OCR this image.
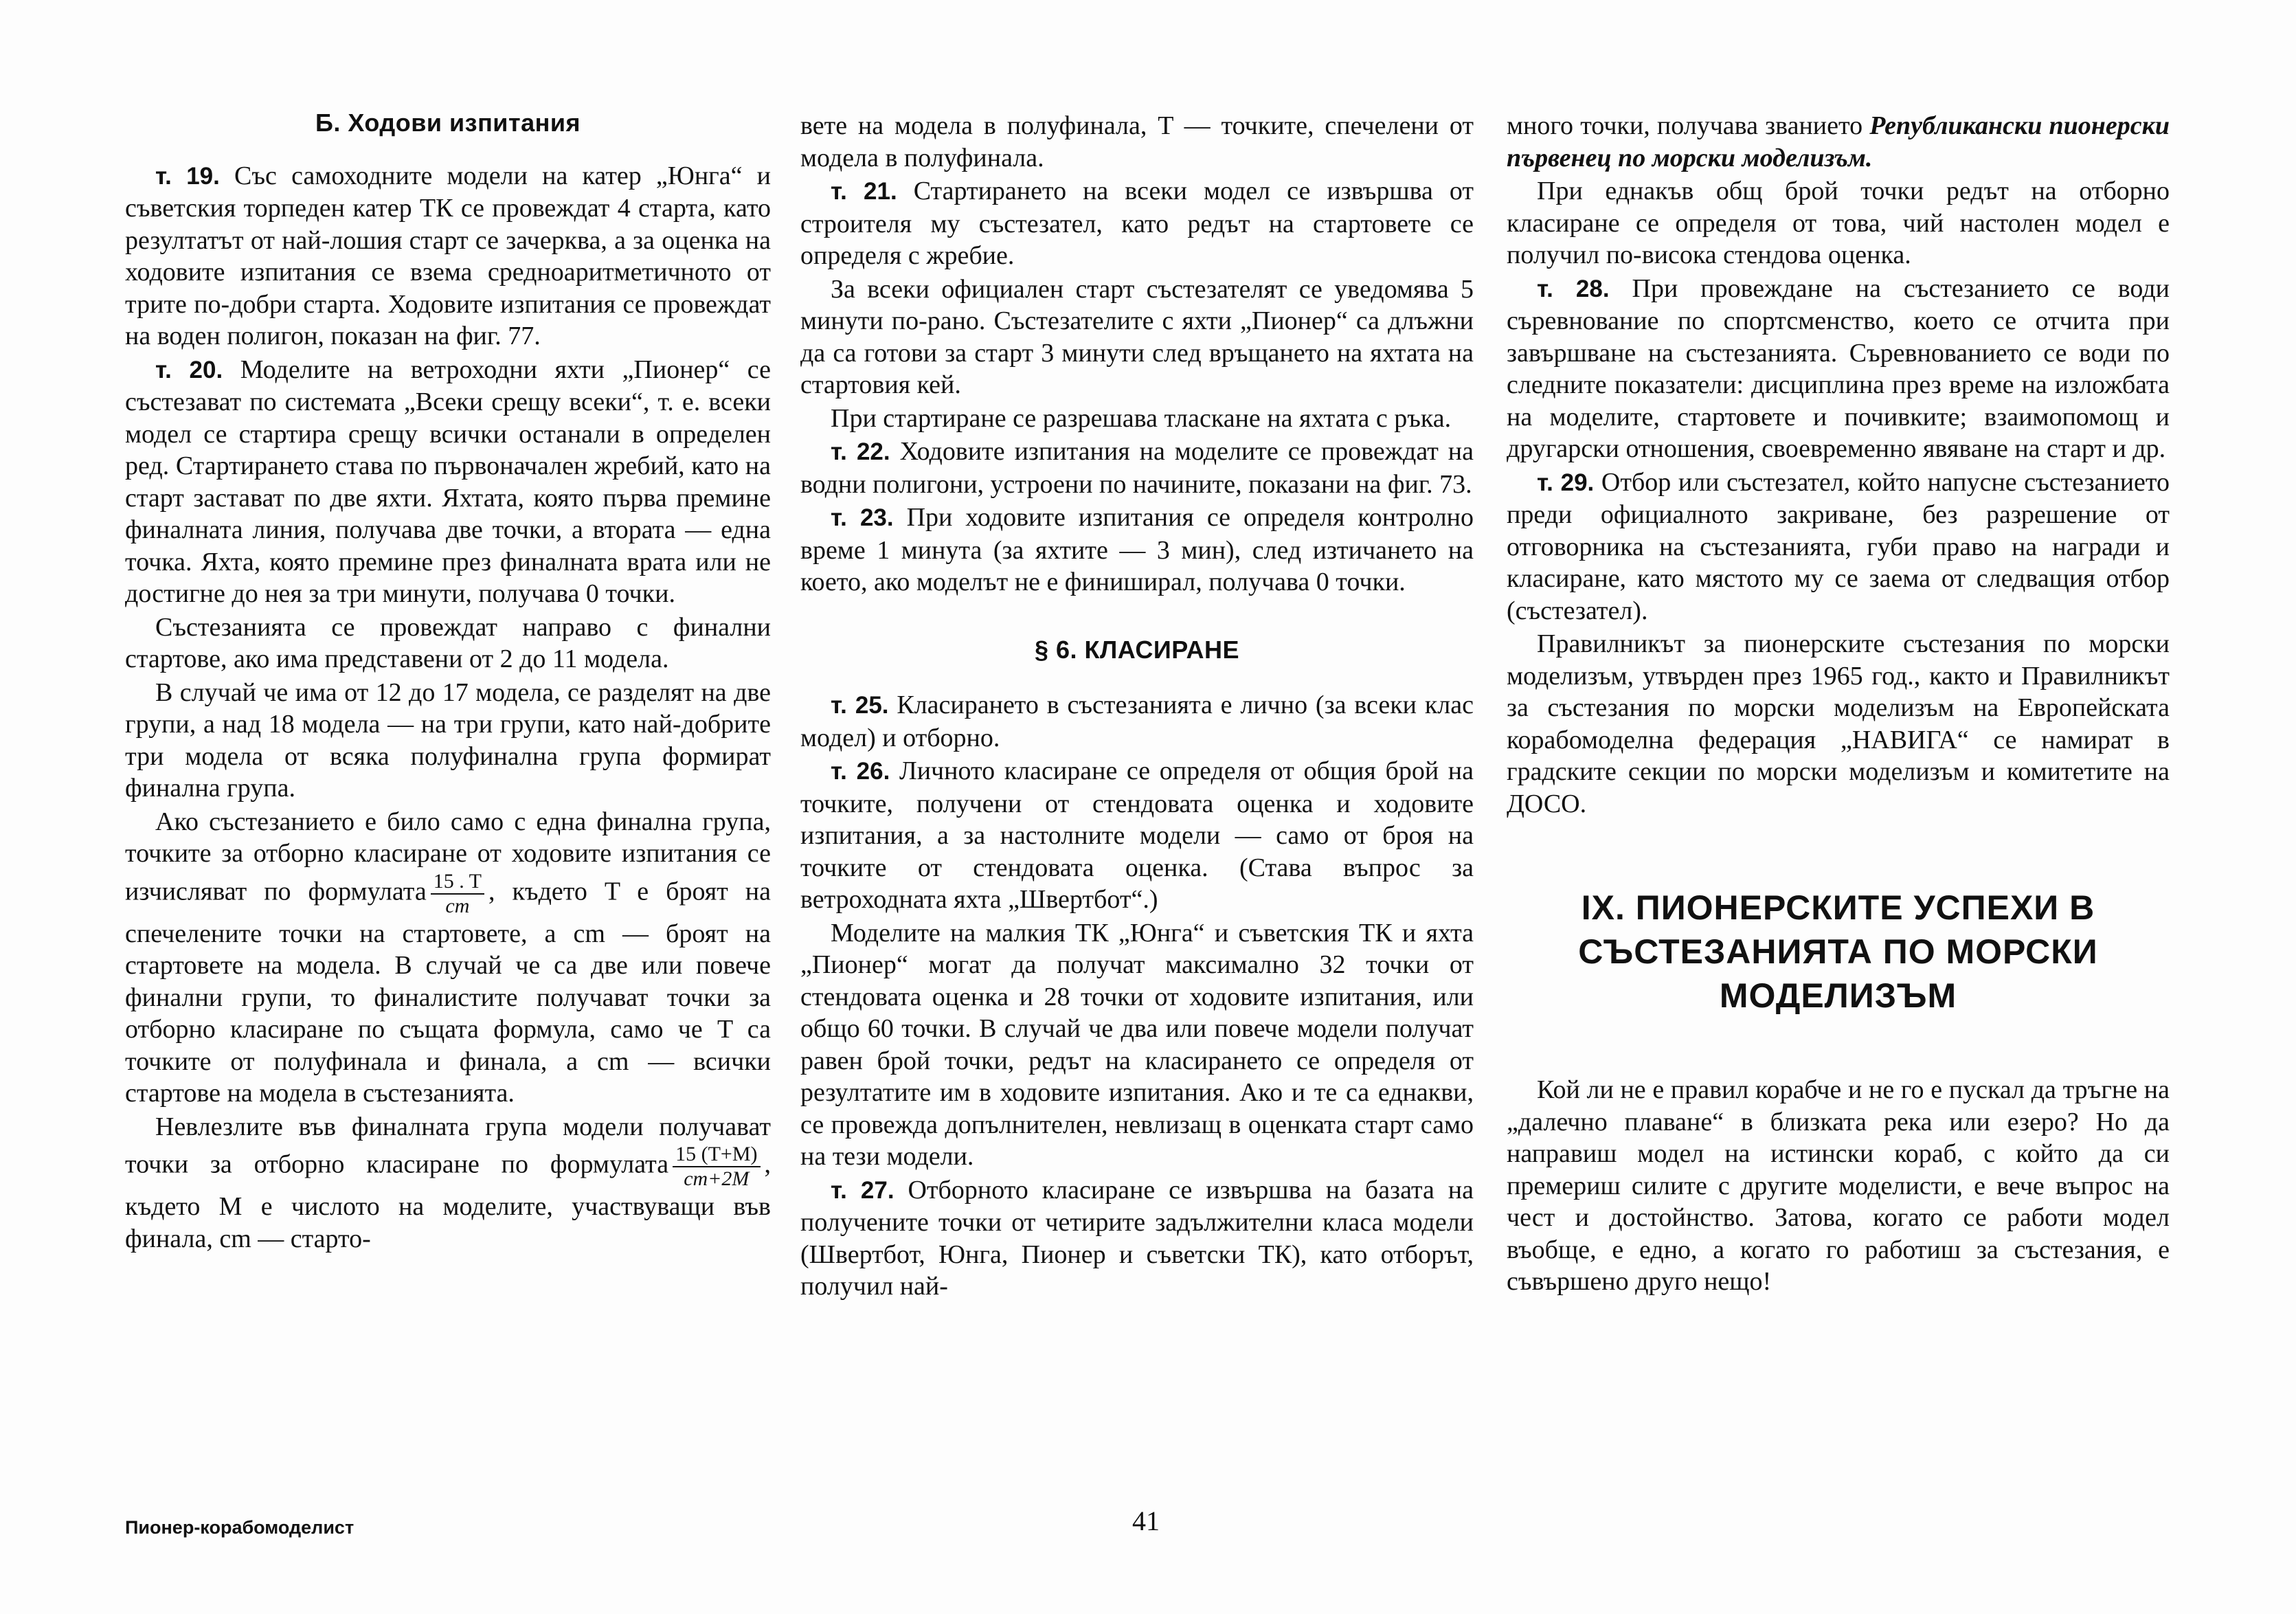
Б. Ходови изпитания

т. 19. Със самоходните модели на катер „Юнга“ и съветския торпеден катер ТК се провеждат 4 старта, като резултатът от най-лошия старт се зачерква, а за оценка на ходовите изпитания се взема средноаритметичното от трите по-добри старта. Ходовите изпитания се провеждат на воден полигон, показан на фиг. 77.

т. 20. Моделите на ветроходни яхти „Пионер“ се състезават по системата „Всеки срещу всеки“, т. е. всеки модел се стартира срещу всички останали в определен ред. Стартирането става по първоначален жребий, като на старт застават по две яхти. Яхтата, която първа премине финалната линия, получава две точки, а втората — една точка. Яхта, която премине през финалната врата или не достигне до нея за три минути, получава 0 точки.

Състезанията се провеждат направо с финални стартове, ако има представени от 2 до 11 модела.

В случай че има от 12 до 17 модела, се разделят на две групи, а над 18 модела — на три групи, като най-добрите три модела от всяка полуфинална група формират финална група.

Ако състезанието е било само с една финална група, точките за отборно класиране от ходовите изпитания се изчисляват по формулата $\frac{15 . T}{cm}$ , където T е броят на спечелените точки на стартовете, а cm — броят на стартовете на модела. В случай че са две или повече финални групи, то финалистите получават точки за отборно класиране по същата формула, само че T са точките от полуфинала и финала, а cm — всички стартове на модела в състезанията.

Невлезлите във финалната група модели получават точки за отборно класиране по формулата $\frac{15 (T+M)}{cm+2M}$ , където M е числото на моделите, участвуващи във финала, cm — старто-

вете на модела в полуфинала, T — точките, спечелени от модела в полуфинала.

т. 21. Стартирането на всеки модел се извършва от строителя му състезател, като редът на стартовете се определя с жребие.

За всеки официален старт състезателят се уведомява 5 минути по-рано. Състезателите с яхти „Пионер“ са длъжни да са готови за старт 3 минути след връщането на яхтата на стартовия кей.

При стартиране се разрешава тласкане на яхтата с ръка.

т. 22. Ходовите изпитания на моделите се провеждат на водни полигони, устроени по начините, показани на фиг. 73.

т. 23. При ходовите изпитания се определя контролно време 1 минута (за яхтите — 3 мин), след изтичането на което, ако моделът не е финиширал, получава 0 точки.

§ 6. КЛАСИРАНЕ

т. 25. Класирането в състезанията е лично (за всеки клас модел) и отборно.

т. 26. Личното класиране се определя от общия брой на точките, получени от стендовата оценка и ходовите изпитания, а за настолните модели — само от броя на точките от стендовата оценка. (Става въпрос за ветроходната яхта „Швертбот“.)

Моделите на малкия ТК „Юнга“ и съветския ТК и яхта „Пионер“ могат да получат максимално 32 точки от стендовата оценка и 28 точки от ходовите изпитания, или общо 60 точки. В случай че два или повече модели получат равен брой точки, редът на класирането се определя от резултатите им в ходовите изпитания. Ако и те са еднакви, се провежда допълнителен, невлизащ в оценката старт само на тези модели.

т. 27. Отборното класиране се извършва на базата на получените точки от четирите задължителни класа модели (Швертбот, Юнга, Пионер и съветски ТК), като отборът, получил най-

много точки, получава званието Републикански пионерски първенец по морски моделизъм.

При еднакъв общ брой точки редът на отборно класиране се определя от това, чий настолен модел е получил по-висока стендова оценка.

т. 28. При провеждане на състезанието се води съревнование по спортсменство, което се отчита при завършване на състезанията. Съревнованието се води по следните показатели: дисциплина през време на изложбата на моделите, стартовете и почивките; взаимопомощ и другарски отношения, своевременно явяване на старт и др.

т. 29. Отбор или състезател, който напусне състезанието преди официалното закриване, без разрешение от отговорника на състезанията, губи право на награди и класиране, като мястото му се заема от следващия отбор (състезател).

Правилникът за пионерските състезания по морски моделизъм, утвърден през 1965 год., както и Правилникът за състезания по морски моделизъм на Европейската корабомоделна федерация „НАВИГА“ се намират в градските секции по морски моделизъм и комитетите на ДОСО.

IX. ПИОНЕРСКИТЕ УСПЕХИ В
СЪСТЕЗАНИЯТА ПО МОРСКИ
МОДЕЛИЗЪМ

Кой ли не е правил корабче и не го е пускал да тръгне на „далечно плаване“ в близката река или езеро? Но да направиш модел на истински кораб, с който да си премериш силите с другите моделисти, е вече въпрос на чест и достойнство. Затова, когато се работи модел въобще, е едно, а когато го работиш за състезания, е съвършено друго нещо!

Пионер-корабомоделист	41
